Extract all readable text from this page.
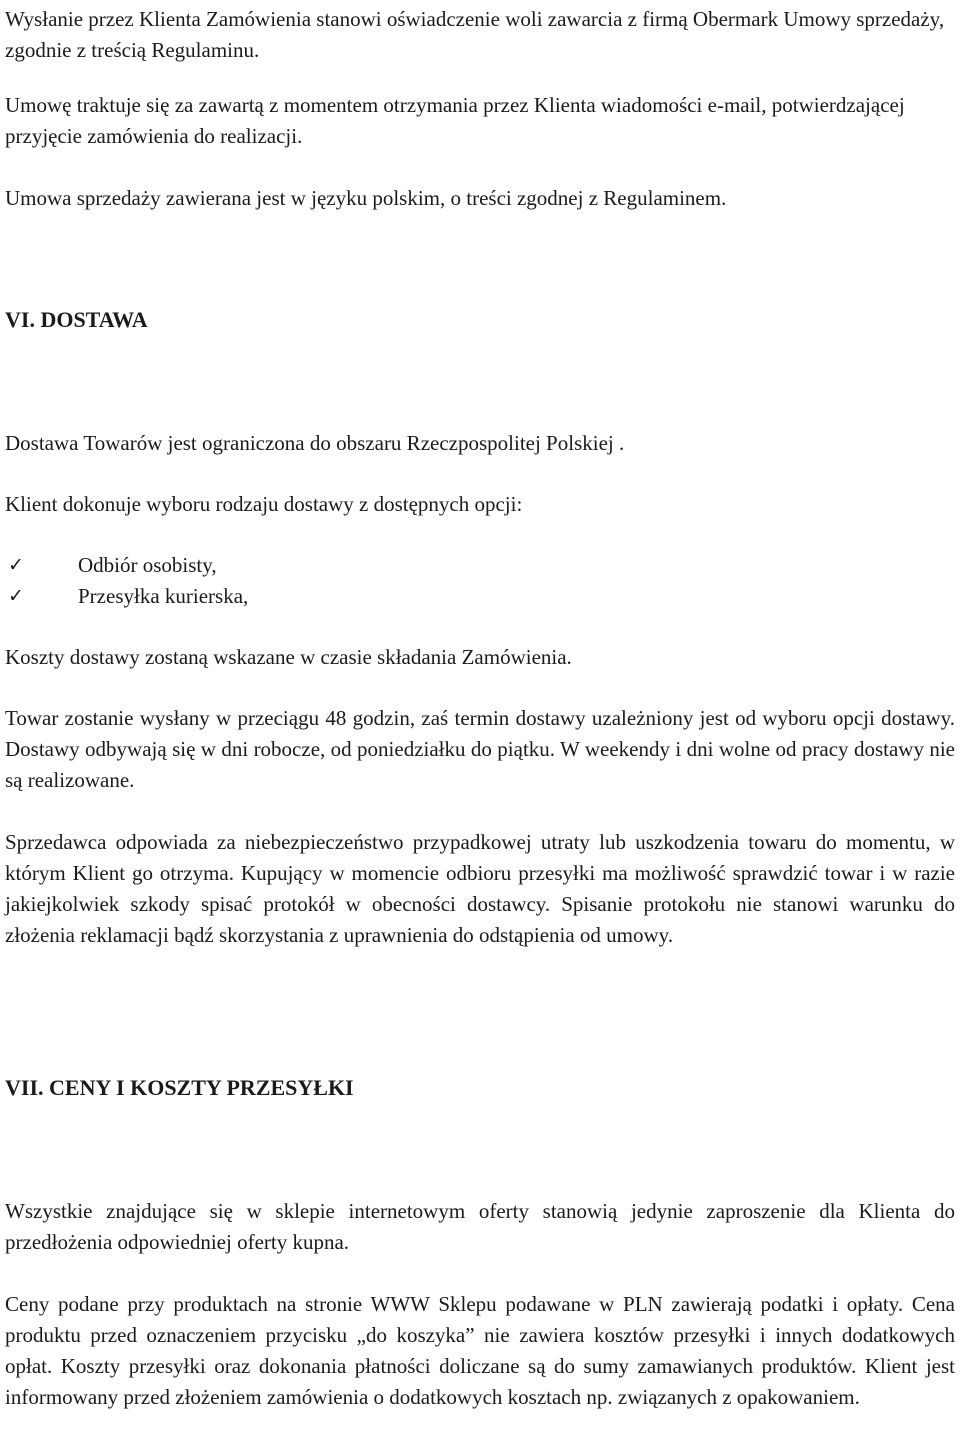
Wysłanie przez Klienta Zamówienia stanowi oświadczenie woli zawarcia z firmą Obermark Umowy sprzedaży, zgodnie z treścią Regulaminu.

Umowę traktuje się za zawartą z momentem otrzymania przez Klienta wiadomości e-mail, potwierdzającej przyjęcie zamówienia do realizacji.

Umowa sprzedaży zawierana jest w języku polskim, o treści zgodnej z Regulaminem.

VI. DOSTAWA

Dostawa Towarów jest ograniczona do obszaru Rzeczpospolitej Polskiej .

Klient dokonuje wyboru rodzaju dostawy z dostępnych opcji:

✓	Odbiór osobisty,
✓	Przesyłka kurierska,

Koszty dostawy zostaną wskazane w czasie składania Zamówienia.

Towar zostanie wysłany w przeciągu 48 godzin, zaś termin dostawy uzależniony jest od wyboru opcji dostawy. Dostawy odbywają się w dni robocze, od poniedziałku do piątku. W weekendy i dni wolne od pracy dostawy nie są realizowane.

Sprzedawca odpowiada za niebezpieczeństwo przypadkowej utraty lub uszkodzenia towaru do momentu, w którym Klient go otrzyma. Kupujący w momencie odbioru przesyłki ma możliwość sprawdzić towar i w razie jakiejkolwiek szkody spisać protokół w obecności dostawcy. Spisanie protokołu nie stanowi warunku do złożenia reklamacji bądź skorzystania z uprawnienia do odstąpienia od umowy.

VII. CENY I KOSZTY PRZESYŁKI

Wszystkie znajdujące się w sklepie internetowym oferty stanowią jedynie zaproszenie dla Klienta do przedłożenia odpowiedniej oferty kupna.

Ceny podane przy produktach na stronie WWW Sklepu podawane w PLN zawierają podatki i opłaty. Cena produktu przed oznaczeniem przycisku „do koszyka” nie zawiera kosztów przesyłki i innych dodatkowych opłat. Koszty przesyłki oraz dokonania płatności doliczane są do sumy zamawianych produktów. Klient jest informowany przed złożeniem zamówienia o dodatkowych kosztach np. związanych z opakowaniem.
